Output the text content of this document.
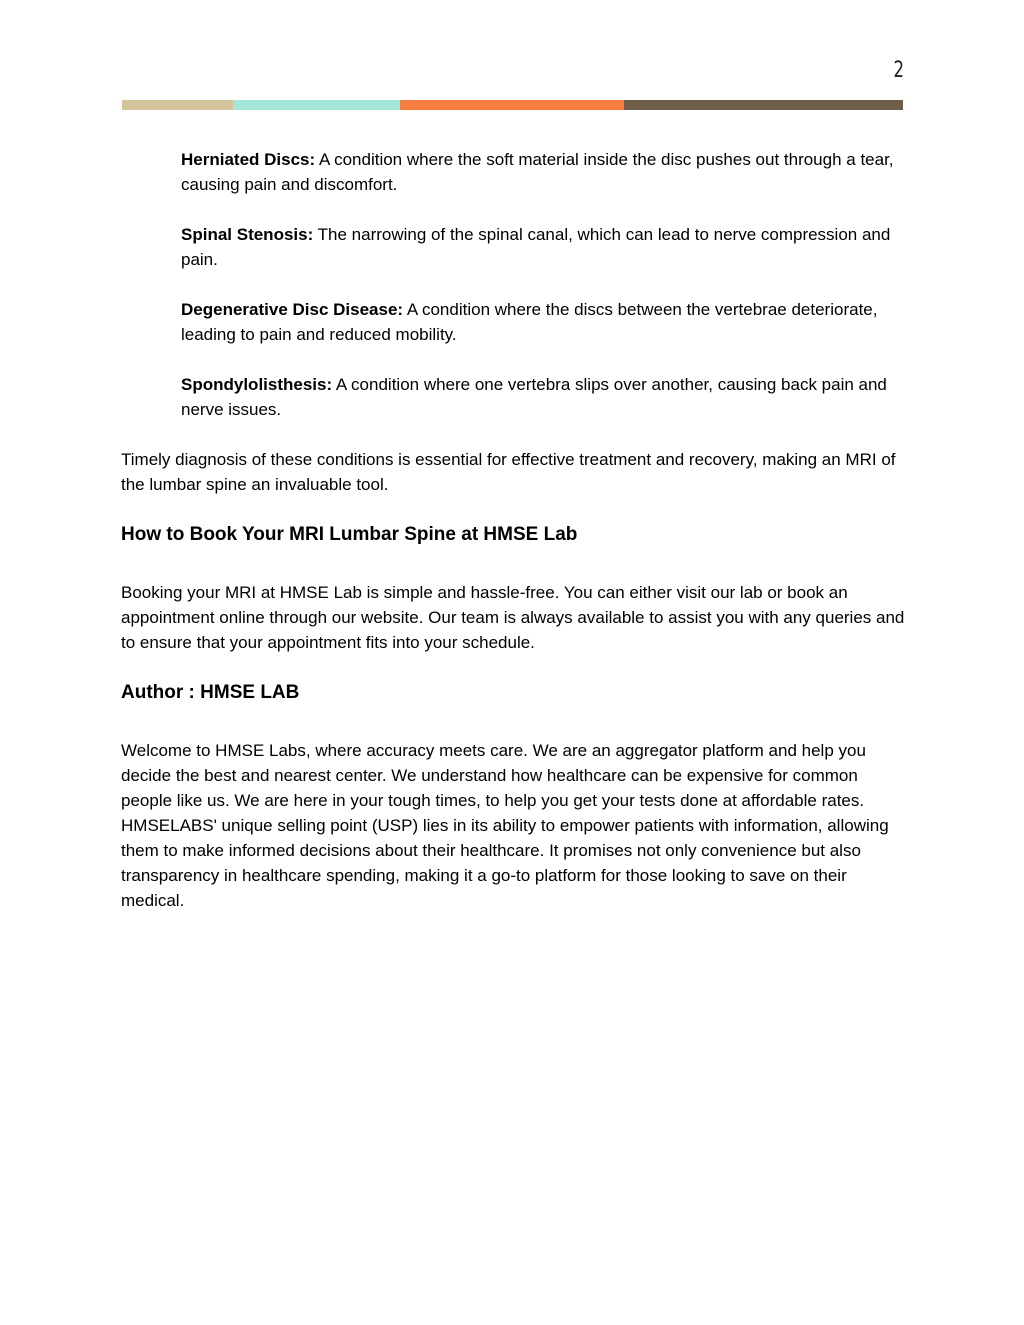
2

Herniated Discs: A condition where the soft material inside the disc pushes out through a tear, causing pain and discomfort.

Spinal Stenosis: The narrowing of the spinal canal, which can lead to nerve compression and pain.

Degenerative Disc Disease: A condition where the discs between the vertebrae deteriorate, leading to pain and reduced mobility.

Spondylolisthesis: A condition where one vertebra slips over another, causing back pain and nerve issues.

Timely diagnosis of these conditions is essential for effective treatment and recovery, making an MRI of the lumbar spine an invaluable tool.

How to Book Your MRI Lumbar Spine at HMSE Lab

Booking your MRI at HMSE Lab is simple and hassle-free. You can either visit our lab or book an appointment online through our website. Our team is always available to assist you with any queries and to ensure that your appointment fits into your schedule.

Author : HMSE LAB

Welcome to HMSE Labs, where accuracy meets care. We are an aggregator platform and help you decide the best and nearest center. We understand how healthcare can be expensive for common people like us. We are here in your tough times, to help you get your tests done at affordable rates. HMSELABS' unique selling point (USP) lies in its ability to empower patients with information, allowing them to make informed decisions about their healthcare. It promises not only convenience but also transparency in healthcare spending, making it a go-to platform for those looking to save on their medical.
